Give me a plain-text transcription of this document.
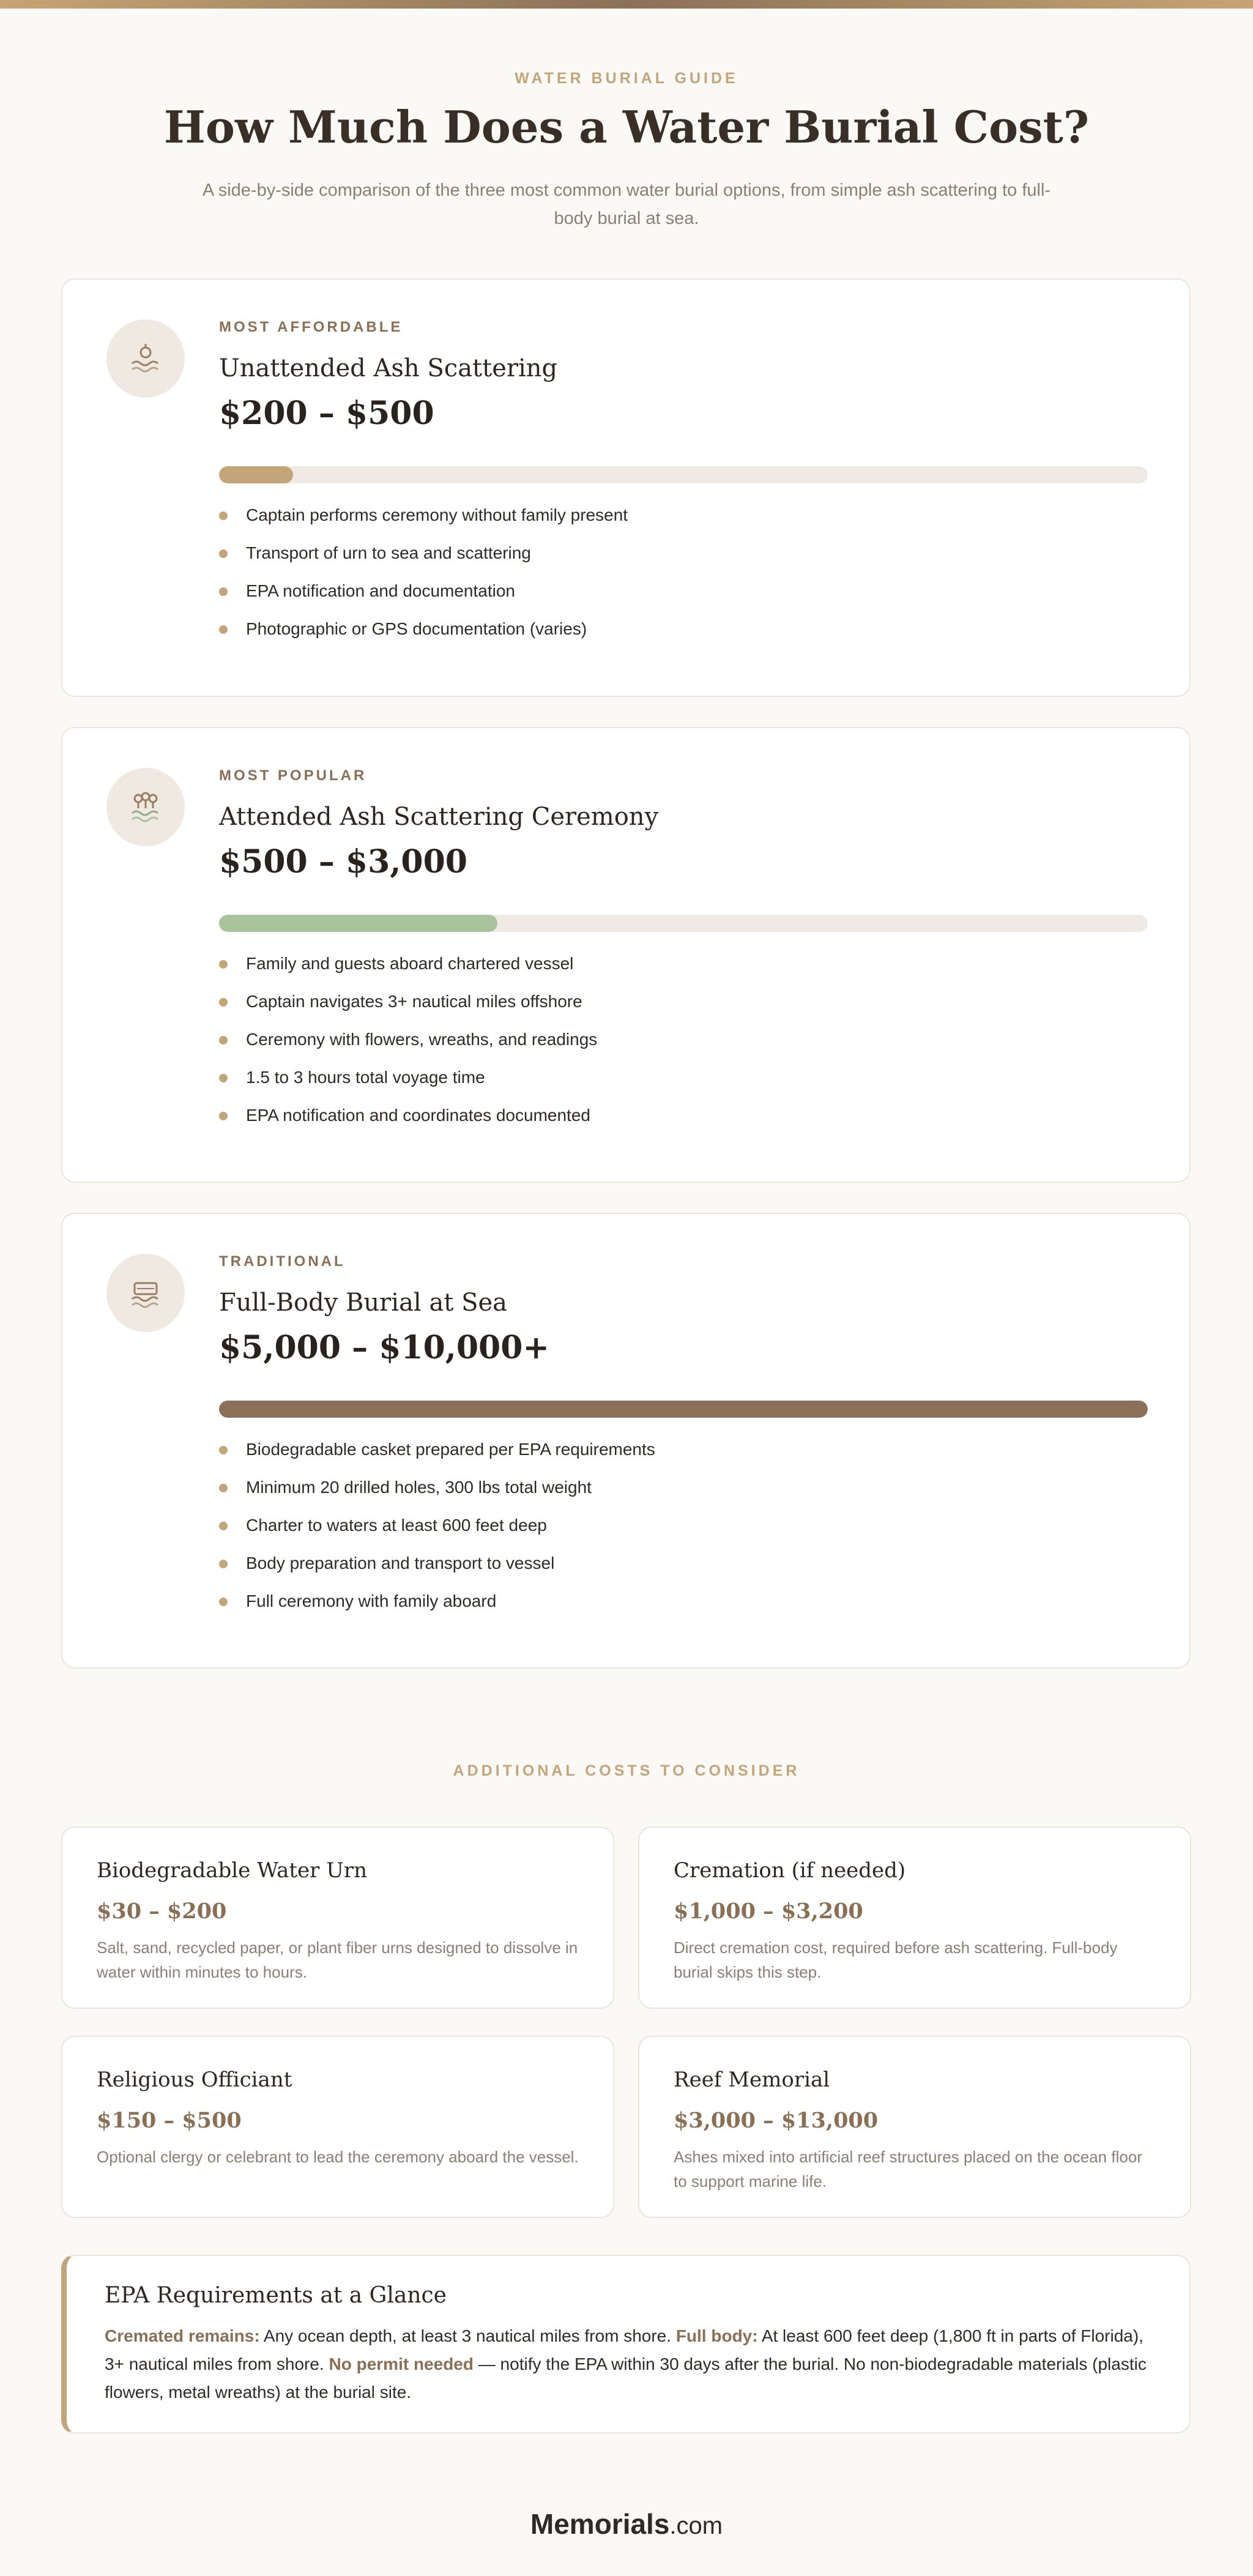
WATER BURIAL GUIDE
How Much Does a Water Burial Cost?
A side-by-side comparison of the three most common water burial options, from simple ash scattering to full-body burial at sea.
MOST AFFORDABLE
Unattended Ash Scattering
$200 – $500
Captain performs ceremony without family present
Transport of urn to sea and scattering
EPA notification and documentation
Photographic or GPS documentation (varies)
MOST POPULAR
Attended Ash Scattering Ceremony
$500 – $3,000
Family and guests aboard chartered vessel
Captain navigates 3+ nautical miles offshore
Ceremony with flowers, wreaths, and readings
1.5 to 3 hours total voyage time
EPA notification and coordinates documented
TRADITIONAL
Full-Body Burial at Sea
$5,000 – $10,000+
Biodegradable casket prepared per EPA requirements
Minimum 20 drilled holes, 300 lbs total weight
Charter to waters at least 600 feet deep
Body preparation and transport to vessel
Full ceremony with family aboard
ADDITIONAL COSTS TO CONSIDER
Biodegradable Water Urn
$30 – $200
Salt, sand, recycled paper, or plant fiber urns designed to dissolve in water within minutes to hours.
Cremation (if needed)
$1,000 – $3,200
Direct cremation cost, required before ash scattering. Full-body burial skips this step.
Religious Officiant
$150 – $500
Optional clergy or celebrant to lead the ceremony aboard the vessel.
Reef Memorial
$3,000 – $13,000
Ashes mixed into artificial reef structures placed on the ocean floor to support marine life.
EPA Requirements at a Glance
Cremated remains: Any ocean depth, at least 3 nautical miles from shore. Full body: At least 600 feet deep (1,800 ft in parts of Florida), 3+ nautical miles from shore. No permit needed — notify the EPA within 30 days after the burial. No non-biodegradable materials (plastic flowers, metal wreaths) at the burial site.
Memorials.com
